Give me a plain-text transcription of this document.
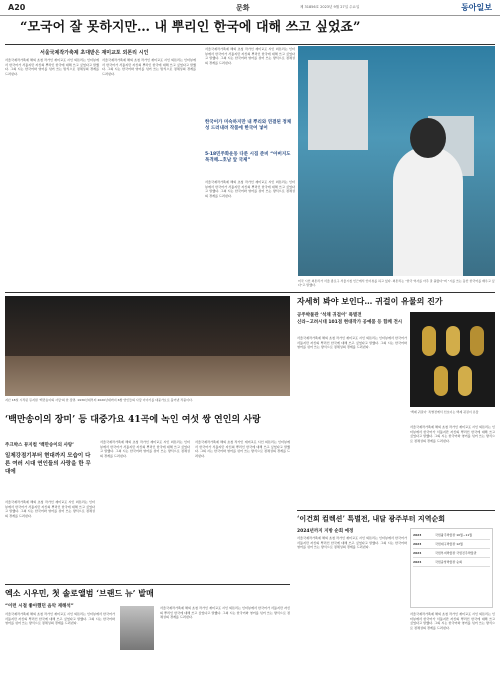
A20	문화	제 31856호 2023년 9월 27일 수요일	동아일보
“모국어 잘 못하지만… 내 뿌리인 한국에 대해 쓰고 싶었죠”
서울국제작가축제 초대받은 재미교포 외톤리 시인
서울국제작가축제 해외 초청 작가인 재미교포 시인 외톤리는 인터뷰에서 한국어가 서툴지만 자신의 뿌리인 한국에 대해 쓰고 싶었다고 말했다. 그의 시는 한국어와 영어를 섞어 쓰는 방식으로 정체성의 경계를 드러낸다.
서울국제작가축제 해외 초청 작가인 재미교포 시인 외톤리는 인터뷰에서 한국어가 서툴지만 자신의 뿌리인 한국에 대해 쓰고 싶었다고 말했다. 그의 시는 한국어와 영어를 섞어 쓰는 방식으로 정체성의 경계를 드러낸다.
한국어가 미숙하지만 내 뿌리와 연결된 정체성 드러내려 작품에 한국어 넣어
5·18민주화운동 다룬 시집 준비 “아버지도 목격해…호남 앞 국제”
서울국제작가축제 해외 초청 작가인 재미교포 시인 외톤리는 인터뷰에서 한국어가 서툴지만 자신의 뿌리인 한국에 대해 쓰고 싶었다고 말했다. 그의 시는 한국어와 영어를 섞어 쓰는 방식으로 정체성의 경계를 드러낸다.
서울국제작가축제 해외 초청 작가인 재미교포 시인 외톤리는 인터뷰에서 한국어가 서툴지만 자신의 뿌리인 한국에 대해 쓰고 싶었다고 말했다. 그의 시는 한국어와 영어를 섞어 쓰는 방식으로 정체성의 경계를 드러낸다.
미국 시인 외톤리가 서울 종로구 서울시청 인근에서 인터뷰를 하고 있다. 외톤리는 “한국 역사를 아주 잘 몰랐다”며 “시를 쓰는 동안 한국어를 배우고 싶다”고 말했다.
지난 18일 시작된 뮤지컬 ‘백만송이의 사랑’의 한 장면. 1930년대부터 2020년대까지 6쌍 연인들의 사랑 이야기를 대중가요로 풀어낸 작품이다.
‘백만송이의 장미’ 등 대중가요 41곡에 녹인 여섯 쌍 연인의 사랑
주크박스 뮤지컬 ‘백만송이의 사랑’
일제강점기부터 현대까지 모습이 다른 여러 시대 연인들의 사랑을 한 무대에
서울국제작가축제 해외 초청 작가인 재미교포 시인 외톤리는 인터뷰에서 한국어가 서툴지만 자신의 뿌리인 한국에 대해 쓰고 싶었다고 말했다. 그의 시는 한국어와 영어를 섞어 쓰는 방식으로 정체성의 경계를 드러낸다.
서울국제작가축제 해외 초청 작가인 재미교포 시인 외톤리는 인터뷰에서 한국어가 서툴지만 자신의 뿌리인 한국에 대해 쓰고 싶었다고 말했다. 그의 시는 한국어와 영어를 섞어 쓰는 방식으로 정체성의 경계를 드러낸다.
서울국제작가축제 해외 초청 작가인 재미교포 시인 외톤리는 인터뷰에서 한국어가 서툴지만 자신의 뿌리인 한국에 대해 쓰고 싶었다고 말했다. 그의 시는 한국어와 영어를 섞어 쓰는 방식으로 정체성의 경계를 드러낸다.
엑소 시우민, 첫 솔로앨범 ‘브랜드 뉴’ 발매
“이런 시절 좋아했던 음악 재해석”
서울국제작가축제 해외 초청 작가인 재미교포 시인 외톤리는 인터뷰에서 한국어가 서툴지만 자신의 뿌리인 한국에 대해 쓰고 싶었다고 말했다. 그의 시는 한국어와 영어를 섞어 쓰는 방식으로 정체성의 경계를 드러낸다.
서울국제작가축제 해외 초청 작가인 재미교포 시인 외톤리는 인터뷰에서 한국어가 서툴지만 자신의 뿌리인 한국에 대해 쓰고 싶었다고 말했다. 그의 시는 한국어와 영어를 섞어 쓰는 방식으로 정체성의 경계를 드러낸다.
자세히 봐야 보인다… 귀걸이 유물의 진가
공주박물관 ‘석채 귀걸이’ 특별전
신라~고려시대 101점 현대작가 공예품 등 함께 전시
서울국제작가축제 해외 초청 작가인 재미교포 시인 외톤리는 인터뷰에서 한국어가 서툴지만 자신의 뿌리인 한국에 대해 쓰고 싶었다고 말했다. 그의 시는 한국어와 영어를 섞어 쓰는 방식으로 정체성의 경계를 드러낸다.
‘백제 귀걸이’ 특별전에서 선보이는 백제 귀걸이 유물
서울국제작가축제 해외 초청 작가인 재미교포 시인 외톤리는 인터뷰에서 한국어가 서툴지만 자신의 뿌리인 한국에 대해 쓰고 싶었다고 말했다. 그의 시는 한국어와 영어를 섞어 쓰는 방식으로 정체성의 경계를 드러낸다.
‘이건희 컬렉션’ 특별전, 내달 광주부터 지역순회
2024년까지 지방 순회 예정
서울국제작가축제 해외 초청 작가인 재미교포 시인 외톤리는 인터뷰에서 한국어가 서툴지만 자신의 뿌리인 한국에 대해 쓰고 싶었다고 말했다. 그의 시는 한국어와 영어를 섞어 쓰는 방식으로 정체성의 경계를 드러낸다.
2023	국립광주박물관 10월~11월
2023	국립대구박물관 12월
2024	국립부여박물관 국립진주박물관
2024	국립중앙박물관 순회
서울국제작가축제 해외 초청 작가인 재미교포 시인 외톤리는 인터뷰에서 한국어가 서툴지만 자신의 뿌리인 한국에 대해 쓰고 싶었다고 말했다. 그의 시는 한국어와 영어를 섞어 쓰는 방식으로 정체성의 경계를 드러낸다.
